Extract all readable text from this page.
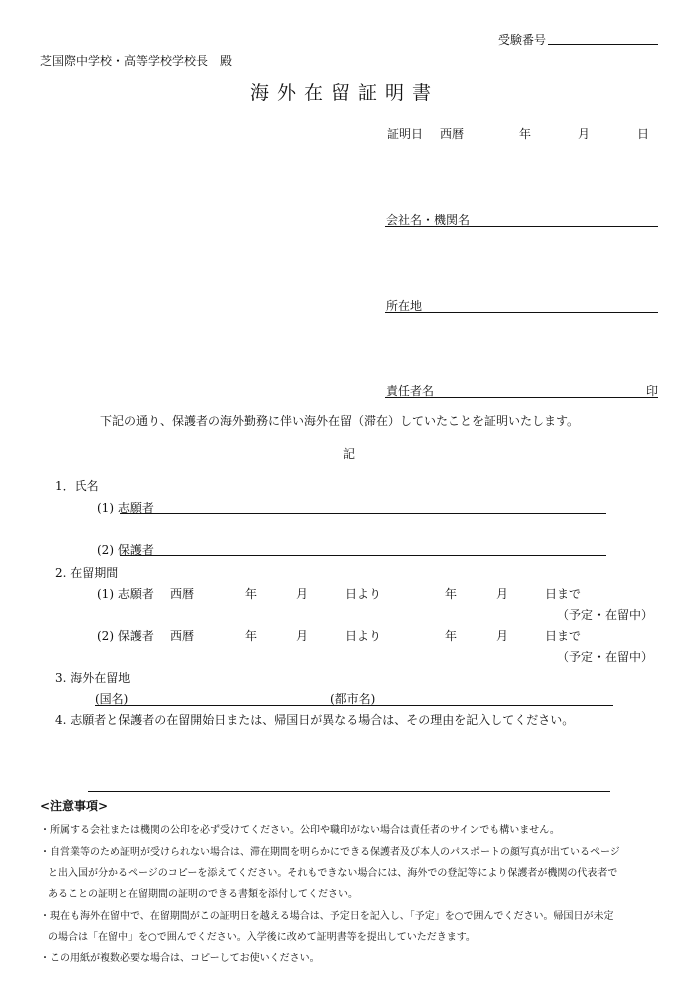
受験番号
芝国際中学校・高等学校学校長　殿
海外在留証明書
証明日 西暦	年	月	日
会社名・機関名
所在地
責任者名	印
下記の通り、保護者の海外勤務に伴い海外在留（滞在）していたことを証明いたします。
記
1．氏名
(1) 志願者
(2) 保護者
2. 在留期間
(1) 志願者 西暦	年	月	日より	年	月	日まで
（予定・在留中）
(2) 保護者 西暦	年	月	日より	年	月	日まで
（予定・在留中）
3. 海外在留地
(国名)	(都市名)
4. 志願者と保護者の在留開始日または、帰国日が異なる場合は、その理由を記入してください。
<注意事項>
・所属する会社または機関の公印を必ず受けてください。公印や職印がない場合は責任者のサインでも構いません。
・自営業等のため証明が受けられない場合は、滞在期間を明らかにできる保護者及び本人のパスポートの顔写真が出ているページ
と出入国が分かるページのコピーを添えてください。それもできない場合には、海外での登記等により保護者が機関の代表者で
あることの証明と在留期間の証明のできる書類を添付してください。
・現在も海外在留中で、在留期間がこの証明日を越える場合は、予定日を記入し、「予定」を○で囲んでください。帰国日が未定
の場合は「在留中」を○で囲んでください。入学後に改めて証明書等を提出していただきます。
・この用紙が複数必要な場合は、コピーしてお使いください。
